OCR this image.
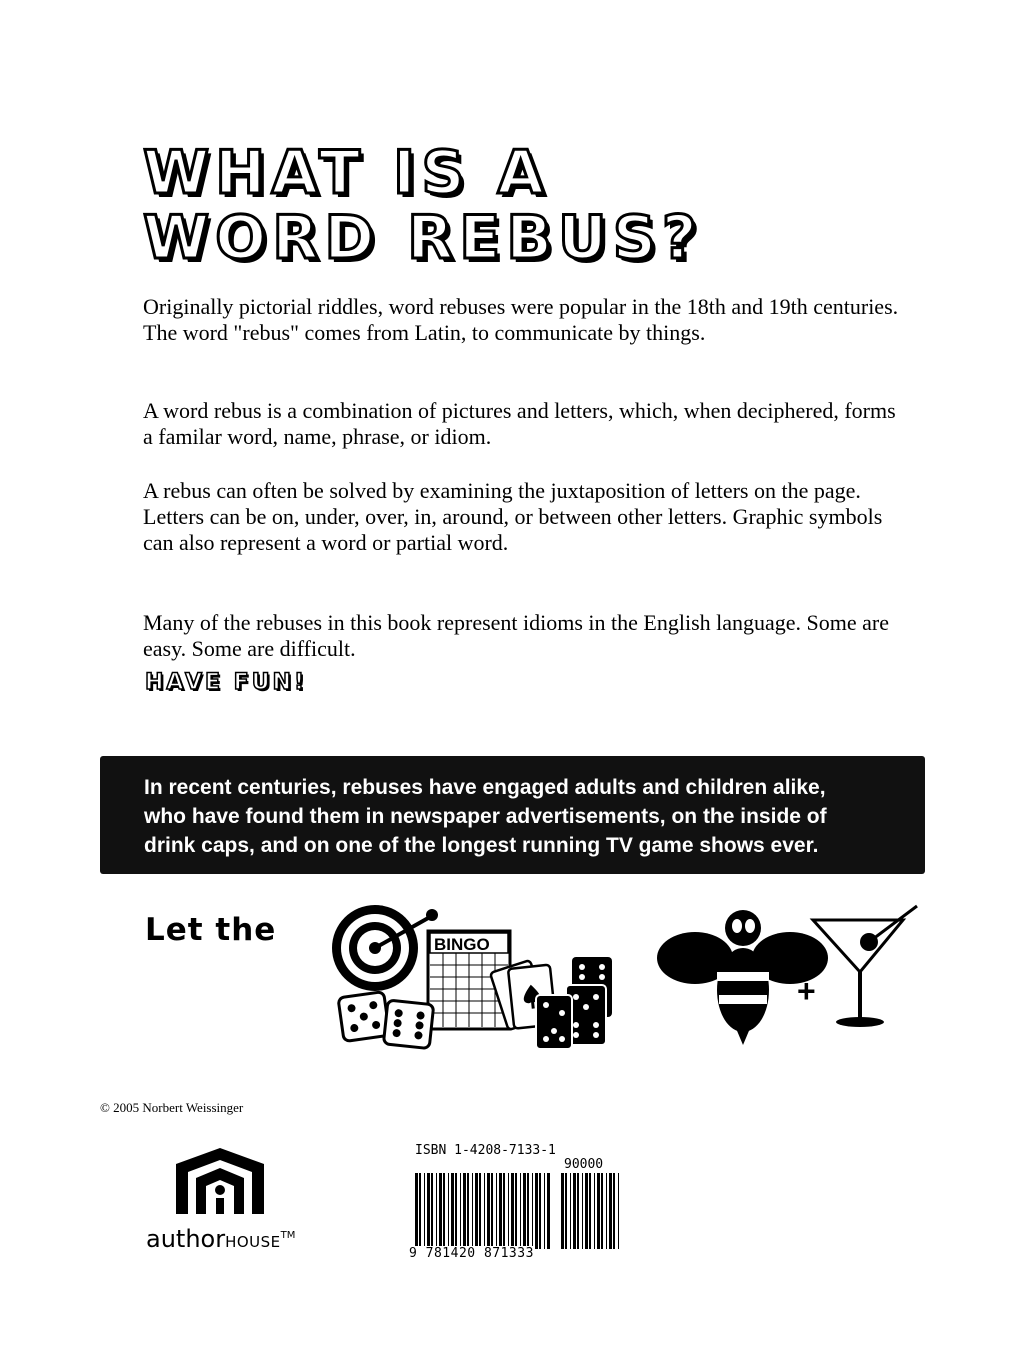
WHAT IS A
WORD REBUS?

Originally pictorial riddles, word rebuses were popular in the 18th and 19th centuries. The word "rebus" comes from Latin, to communicate by things.

A word rebus is a combination of pictures and letters, which, when deciphered, forms a familar word, name, phrase, or idiom.

A rebus can often be solved by examining the juxtaposition of letters on the page. Letters can be on, under, over, in, around, or between other letters. Graphic symbols can also represent a word or partial word.

Many of the rebuses in this book represent idioms in the English language. Some are easy. Some are difficult.

HAVE FUN!

In recent centuries, rebuses have engaged adults and children alike,
who have found them in newspaper advertisements, on the inside of
drink caps, and on one of the longest running TV game shows ever.

Let the	BINGO
+
© 2005 Norbert Weissinger
authorHOUSE™
ISBN 1-4208-7133-1
90000
9 781420 871333
